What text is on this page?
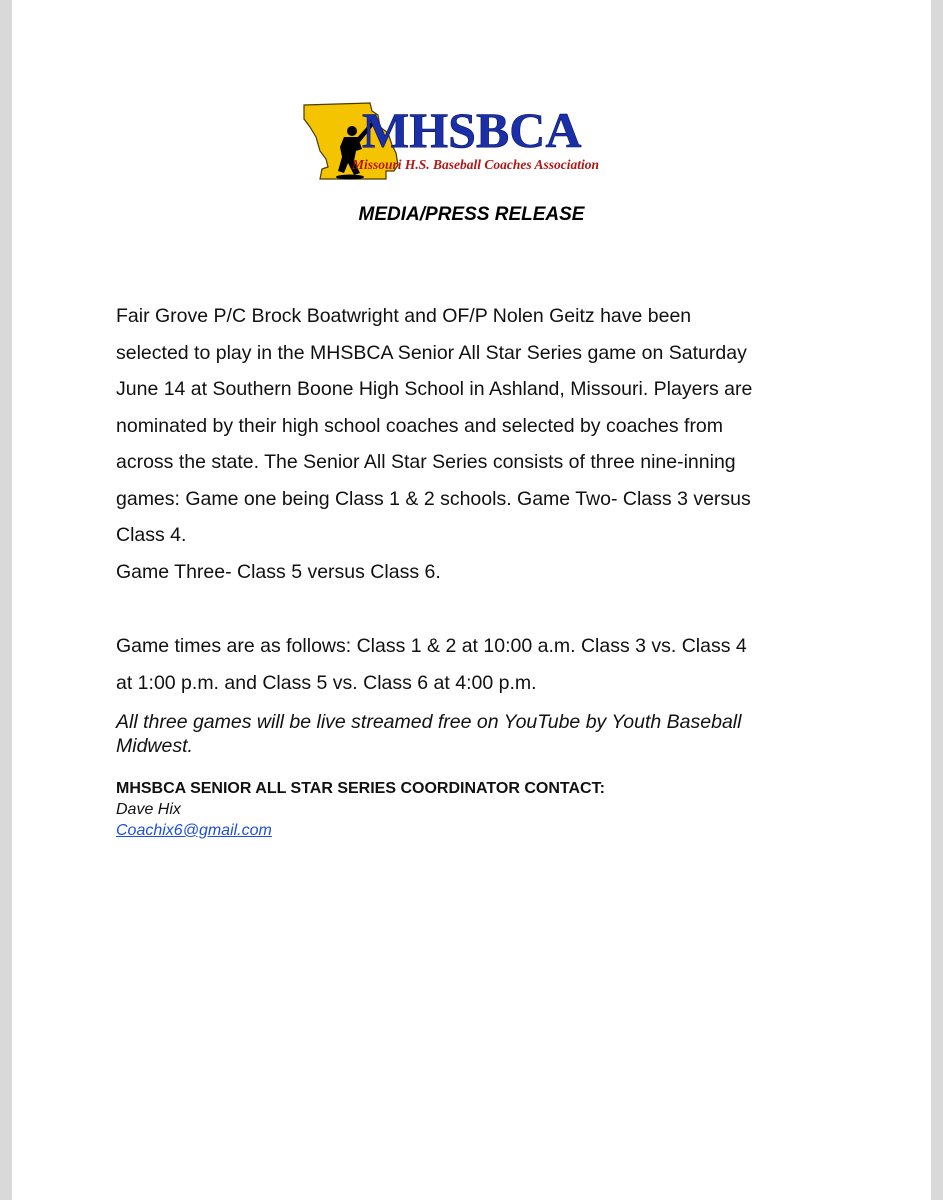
MHSBCA
Missouri H.S. Baseball Coaches Association
MEDIA/PRESS RELEASE
Fair Grove P/C Brock Boatwright and OF/P Nolen Geitz have been
selected to play in the MHSBCA Senior All Star Series game on Saturday
June 14 at Southern Boone High School in Ashland, Missouri. Players are
nominated by their high school coaches and selected by coaches from
across the state. The Senior All Star Series consists of three nine-inning
games: Game one being Class 1 & 2 schools. Game Two- Class 3 versus
Class 4.
Game Three- Class 5 versus Class 6.
Game times are as follows: Class 1 & 2 at 10:00 a.m. Class 3 vs. Class 4
at 1:00 p.m. and Class 5 vs. Class 6 at 4:00 p.m.
All three games will be live streamed free on YouTube by Youth Baseball
Midwest.
MHSBCA SENIOR ALL STAR SERIES COORDINATOR CONTACT:
Dave Hix
Coachix6@gmail.com
